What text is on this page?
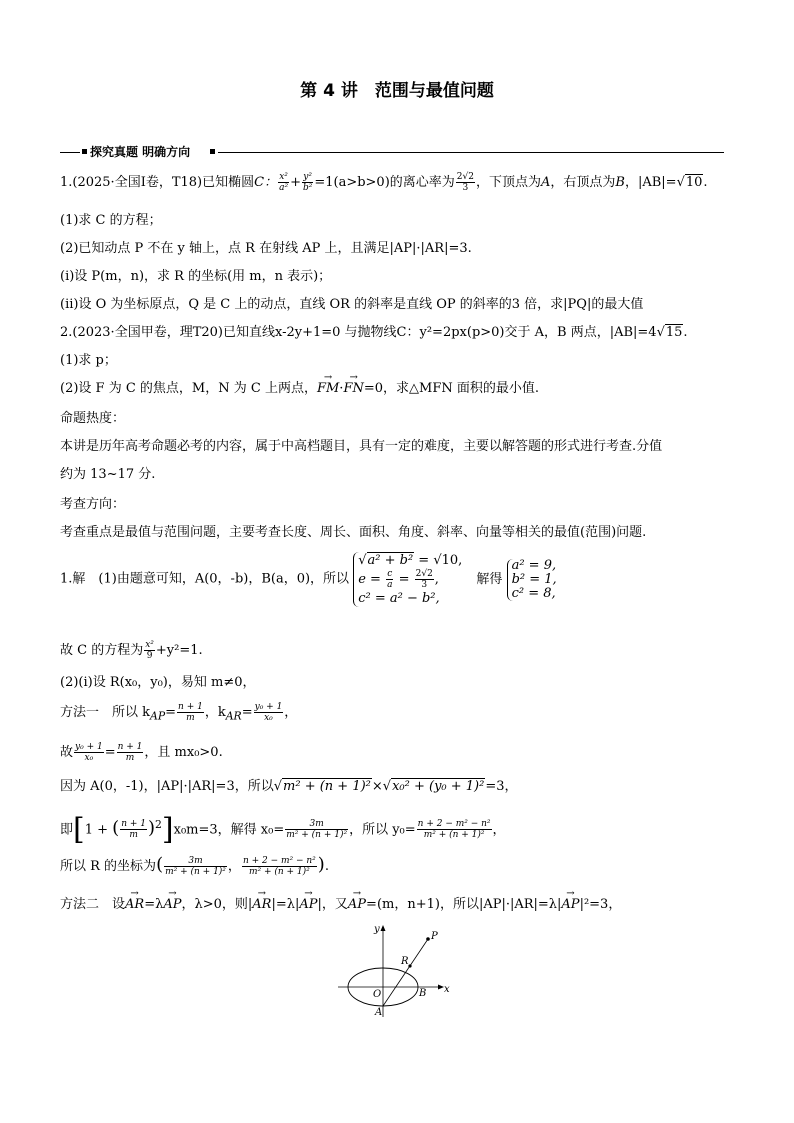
第 4 讲　范围与最值问题
探究真题 明确方向
1.(2025·全国Ⅰ卷，T18)已知椭圆C： $\frac{\text{x²}}{\text{a²}} + \frac{\text{y²}}{\text{b²}} =1(a>b>0)$的离心率为 $\frac{2√2}{3}$ ，下顶点为A，右顶点为B，|AB|=√10.
(1)求 C 的方程；
(2)已知动点 P 不在 y 轴上，点 R 在射线 AP 上，且满足|AP|·|AR|=3.
(ⅰ)设 P(m，n)，求 R 的坐标(用 m，n 表示)；
(ⅱ)设 O 为坐标原点，Q 是 C 上的动点，直线 OR 的斜率是直线 OP 的斜率的3 倍，求|PQ|的最大值
2.(2023·全国甲卷，理T20)已知直线x-2y+1=0 与抛物线C：y²=2px(p>0)交于 A，B 两点，|AB|=4√15.
(1)求 p；
(2)设 F 为 C 的焦点，M，N 为 C 上两点，→ FM·→ FN=0，求△MFN 面积的最小值.
命题热度：
本讲是历年高考命题必考的内容，属于中高档题目，具有一定的难度，主要以解答题的形式进行考查.分值
约为 13~17 分.
考查方向：
考查重点是最值与范围问题，主要考查长度、周长、面积、角度、斜率、向量等相关的最值(范围)问题.
1.解　(1)由题意可知，A(0，-b)，B(a，0)，所以
√a² + b² = √10,
$e = \frac{c}{a} = \frac{2√2}{3}$ ,
c² = a² − b²,
解得
a² = 9,
b² = 1,
c² = 8,
故 C 的方程为 $\frac{\text{x²}}{9} +y^2=1$.
(2)(ⅰ)设 R(x₀，y₀)，易知 m≠0，
方法一　所以 $k_{AP}= \frac{n + 1}{m}$ ，$k_{AR}= \frac{\text{y₀ + 1}}{\text{x₀}}$ ，
故 $\frac{\text{y₀ + 1}}{\text{x₀}} = \frac{n + 1}{m}$ ，且 mx₀>0.
因为 A(0，-1)，|AP|·|AR|=3，所以√m² + (n + 1)²×√x₀² + (y₀ + 1)²=3，
即[1 + ( $\frac{n + 1}{m} )^2]x_0m=3$，解得 $x_0= \frac{3m}{\text{m² + (n + 1)²}}$ ，所以 $y_0= \frac{\text{n + 2 − m² − n²}}{\text{m² + (n + 1)²}}$ ，
所以 R 的坐标为( $\frac{3m}{\text{m² + (n + 1)²}}$ ， $\frac{\text{n + 2 − m² − n²}}{\text{m² + (n + 1)²}}$ ).
方法二　设→ AR=λ→ AP，λ>0，则|→ AR|=λ|→ AP|，又→ AP=(m，n+1)，所以|AP|·|AR|=λ|→ AP|²=3，
y
x
O
A
B
R
P
